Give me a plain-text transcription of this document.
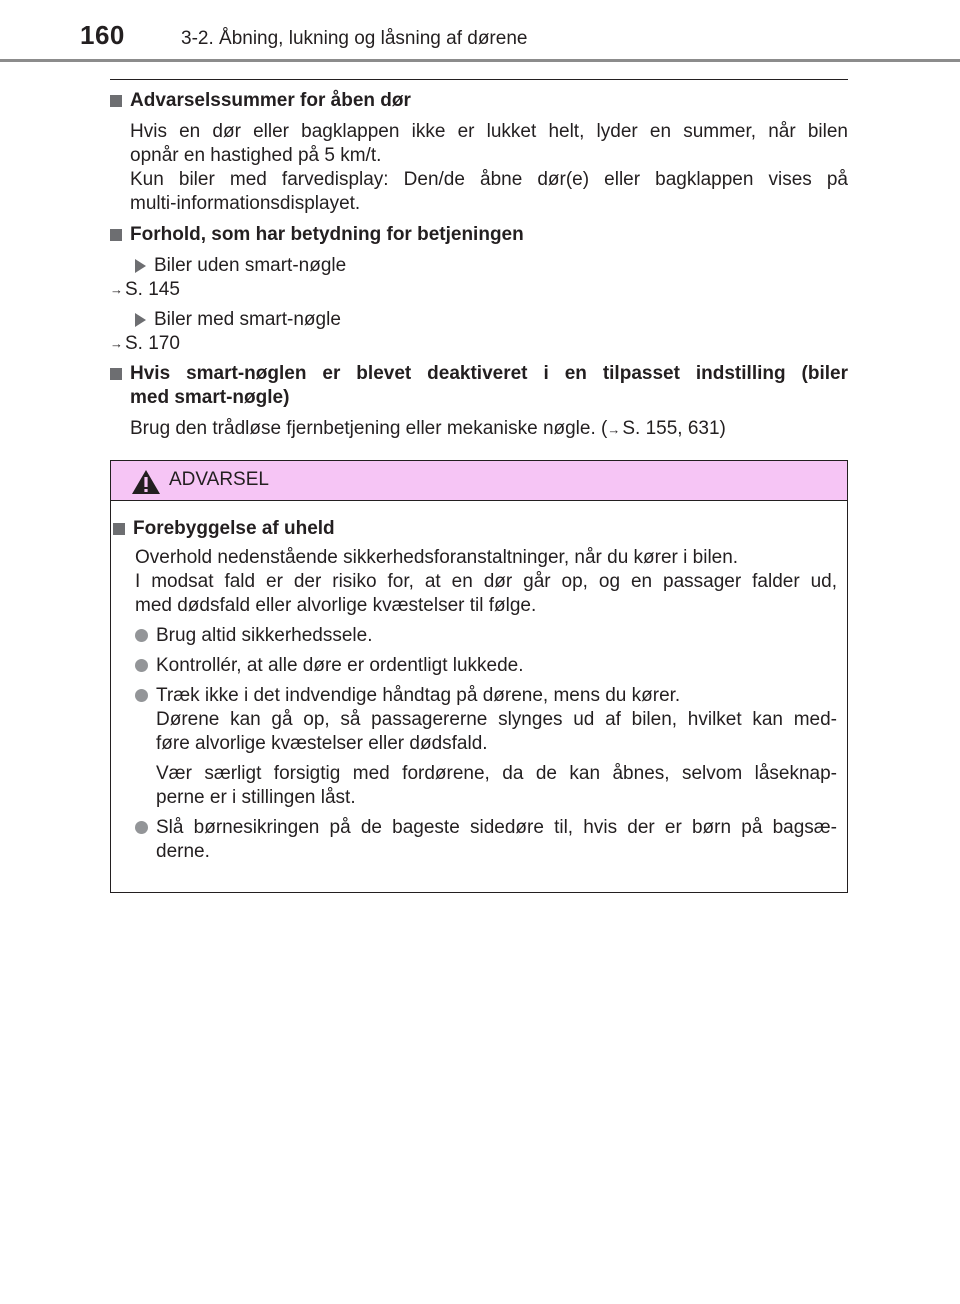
160	3-2. Åbning, lukning og låsning af dørene
Advarselssummer for åben dør
Hvis en dør eller bagklappen ikke er lukket helt, lyder en summer, når bilen
opnår en hastighed på 5 km/t.
Kun biler med farvedisplay: Den/de åbne dør(e) eller bagklappen vises på
multi-informationsdisplayet.
Forhold, som har betydning for betjeningen
Biler uden smart-nøgle
→ S. 145
Biler med smart-nøgle
→ S. 170
Hvis smart-nøglen er blevet deaktiveret i en tilpasset indstilling (biler
med smart-nøgle)
Brug den trådløse fjernbetjening eller mekaniske nøgle. (→ S. 155, 631)
ADVARSEL
Forebyggelse af uheld
Overhold nedenstående sikkerhedsforanstaltninger, når du kører i bilen.
I modsat fald er der risiko for, at en dør går op, og en passager falder ud,
med dødsfald eller alvorlige kvæstelser til følge.
Brug altid sikkerhedssele.
Kontrollér, at alle døre er ordentligt lukkede.
Træk ikke i det indvendige håndtag på dørene, mens du kører.
Dørene kan gå op, så passagererne slynges ud af bilen, hvilket kan med-
føre alvorlige kvæstelser eller dødsfald.
Vær særligt forsigtig med fordørene, da de kan åbnes, selvom låseknap-
perne er i stillingen låst.
Slå børnesikringen på de bageste sidedøre til, hvis der er børn på bagsæ-
derne.
